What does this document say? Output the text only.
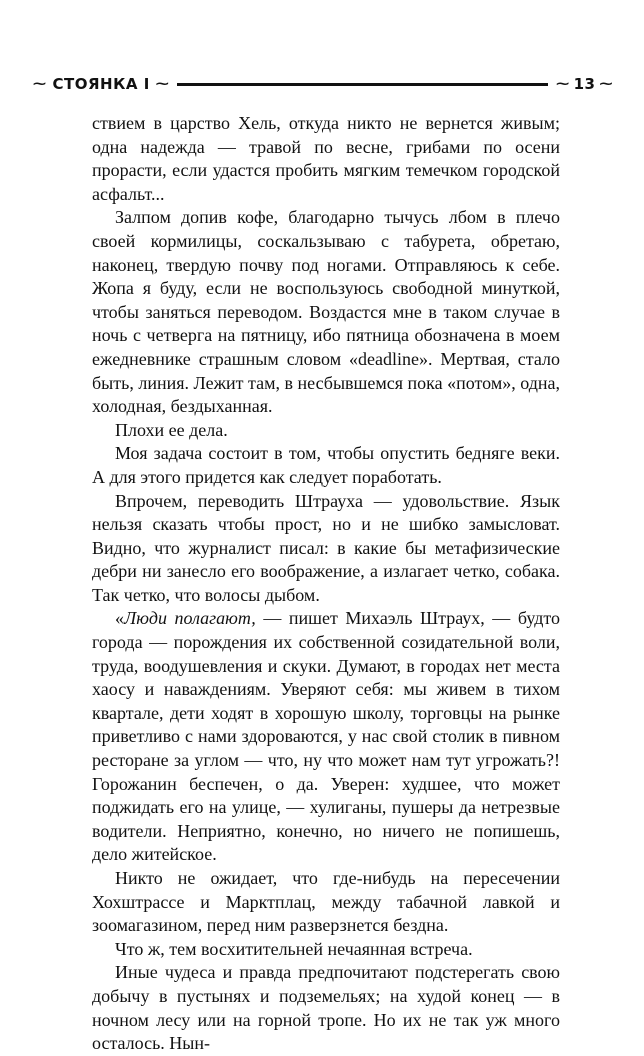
⁓ СТОЯНКА I ⁓	⁓ 13 ⁓

ствием в царство Хель, откуда никто не вернется живым; одна надежда — травой по весне, грибами по осени прорасти, если удастся пробить мягким темечком городской асфальт...

Залпом допив кофе, благодарно тычусь лбом в плечо своей кормилицы, соскальзываю с табурета, обретаю, наконец, твердую почву под ногами. Отправляюсь к себе. Жопа я буду, если не воспользуюсь свободной минуткой, чтобы заняться переводом. Воздастся мне в таком случае в ночь с четверга на пятницу, ибо пятница обозначена в моем ежедневнике страшным словом «deadline». Мертвая, стало быть, линия. Лежит там, в несбывшемся пока «потом», одна, холодная, бездыханная.

Плохи ее дела.

Моя задача состоит в том, чтобы опустить бедняге веки. А для этого придется как следует поработать.

Впрочем, переводить Штрауха — удовольствие. Язык нельзя сказать чтобы прост, но и не шибко замысловат. Видно, что журналист писал: в какие бы метафизические дебри ни занесло его воображение, а излагает четко, собака. Так четко, что волосы дыбом.

«Люди полагают, — пишет Михаэль Штраух, — будто города — порождения их собственной созидательной воли, труда, воодушевления и скуки. Думают, в городах нет места хаосу и наваждениям. Уверяют себя: мы живем в тихом квартале, дети ходят в хорошую школу, торговцы на рынке приветливо с нами здороваются, у нас свой столик в пивном ресторане за углом — что, ну что может нам тут угрожать?! Горожанин беспечен, о да. Уверен: худшее, что может поджидать его на улице, — хулиганы, пушеры да нетрезвые водители. Неприятно, конечно, но ничего не попишешь, дело житейское.

Никто не ожидает, что где-нибудь на пересечении Хохштрассе и Марктплац, между табачной лавкой и зоомагазином, перед ним разверзнется бездна.

Что ж, тем восхитительней нечаянная встреча.

Иные чудеса и правда предпочитают подстерегать свою добычу в пустынях и подземельях; на худой конец — в ночном лесу или на горной тропе. Но их не так уж много осталось. Нын-
